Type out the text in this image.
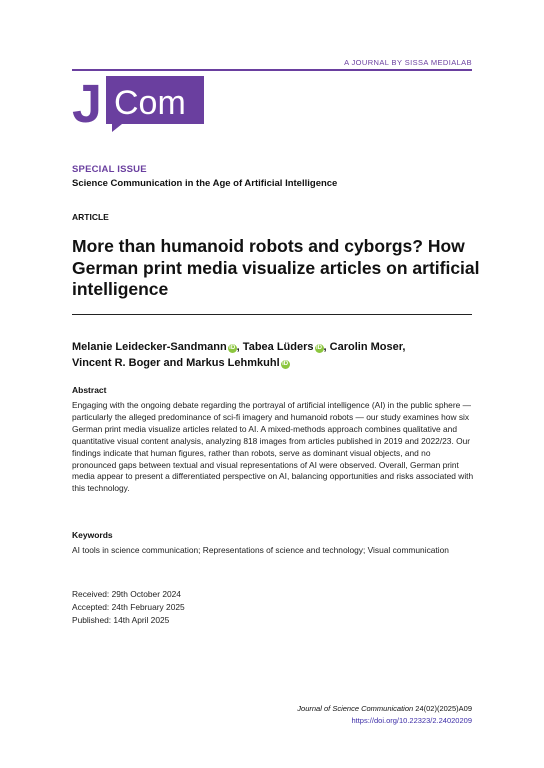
A JOURNAL BY SISSA MEDIALAB
J Com
SPECIAL ISSUE
Science Communication in the Age of Artificial Intelligence
ARTICLE
More than humanoid robots and cyborgs? How German print media visualize articles on artificial intelligence
Melanie Leidecker-Sandmann iD , Tabea Lüders iD , Carolin Moser,
Vincent R. Boger and Markus Lehmkuhl iD
Abstract
Engaging with the ongoing debate regarding the portrayal of artificial intelligence (AI) in the public sphere — particularly the alleged predominance of sci-fi imagery and humanoid robots — our study examines how six German print media visualize articles related to AI. A mixed-methods approach combines qualitative and quantitative visual content analysis, analyzing 818 images from articles published in 2019 and 2022/23. Our findings indicate that human figures, rather than robots, serve as dominant visual objects, and no pronounced gaps between textual and visual representations of AI were observed. Overall, German print media appear to present a differentiated perspective on AI, balancing opportunities and risks associated with this technology.
Keywords
AI tools in science communication; Representations of science and technology; Visual communication
Received: 29th October 2024
Accepted: 24th February 2025
Published: 14th April 2025
Journal of Science Communication 24(02)(2025)A09
https://doi.org/10.22323/2.24020209
